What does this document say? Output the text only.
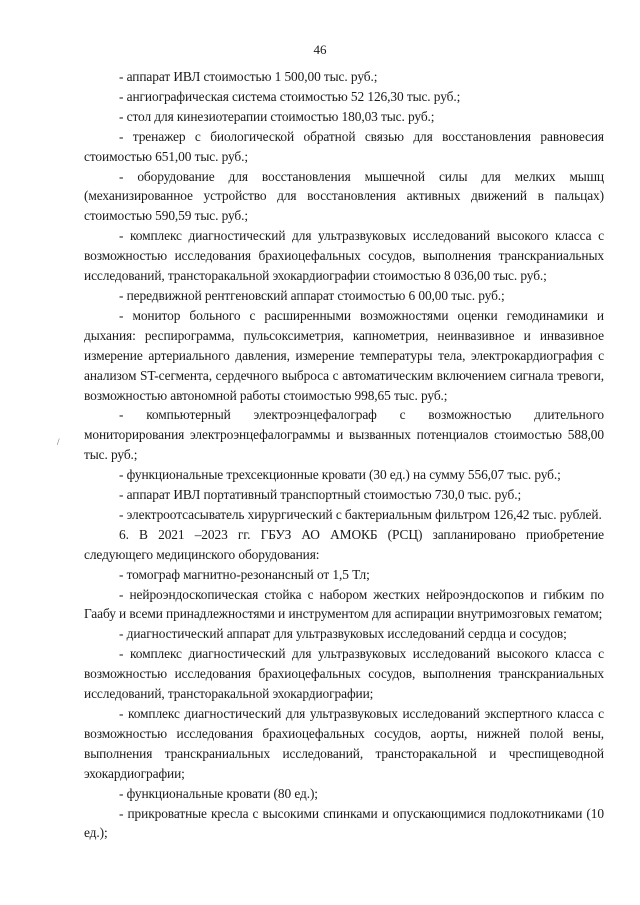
46
/

- аппарат ИВЛ стоимостью 1 500,00 тыс. руб.;

- ангиографическая система стоимостью 52 126,30 тыс. руб.;

- стол для кинезиотерапии стоимостью 180,03 тыс. руб.;

- тренажер с биологической обратной связью для восстановления равновесия стоимостью 651,00 тыс. руб.;

- оборудование для восстановления мышечной силы для мелких мышц (механизированное устройство для восстановления активных движений в пальцах) стоимостью 590,59 тыс. руб.;

- комплекс диагностический для ультразвуковых исследований высокого класса с возможностью исследования брахиоцефальных сосудов, выполнения транскраниальных исследований, трансторакальной эхокардиографии стоимостью 8 036,00 тыс. руб.;

- передвижной рентгеновский аппарат стоимостью 6 00,00 тыс. руб.;

- монитор больного с расширенными возможностями оценки гемодинамики и дыхания: респирограмма, пульсоксиметрия, капнометрия, неинвазивное и инвазивное измерение артериального давления, измерение температуры тела, электрокардиография с анализом ST-сегмента, сердечного выброса с автоматическим включением сигнала тревоги, возможностью автономной работы стоимостью 998,65 тыс. руб.;

- компьютерный электроэнцефалограф с возможностью длительного мониторирования электроэнцефалограммы и вызванных потенциалов стоимостью 588,00 тыс. руб.;

- функциональные трехсекционные кровати (30 ед.) на сумму 556,07 тыс. руб.;

- аппарат ИВЛ портативный транспортный стоимостью 730,0 тыс. руб.;

- электроотсасыватель хирургический с бактериальным фильтром 126,42 тыс. рублей.

6. В 2021 –2023 гг. ГБУЗ АО АМОКБ (РСЦ) запланировано приобретение следующего медицинского оборудования:

- томограф магнитно-резонансный от 1,5 Тл;

- нейроэндоскопическая стойка с набором жестких нейроэндоскопов и гибким по Гаабу и всеми принадлежностями и инструментом для аспирации внутримозговых гематом;

- диагностический аппарат для ультразвуковых исследований сердца и сосудов;

- комплекс диагностический для ультразвуковых исследований высокого класса с возможностью исследования брахиоцефальных сосудов, выполнения транскраниальных исследований, трансторакальной эхокардиографии;

- комплекс диагностический для ультразвуковых исследований экспертного класса с возможностью исследования брахиоцефальных сосудов, аорты, нижней полой вены, выполнения транскраниальных исследований, трансторакальной и чреспищеводной эхокардиографии;

- функциональные кровати (80 ед.);

- прикроватные кресла с высокими спинками и опускающимися подлокотниками (10 ед.);
